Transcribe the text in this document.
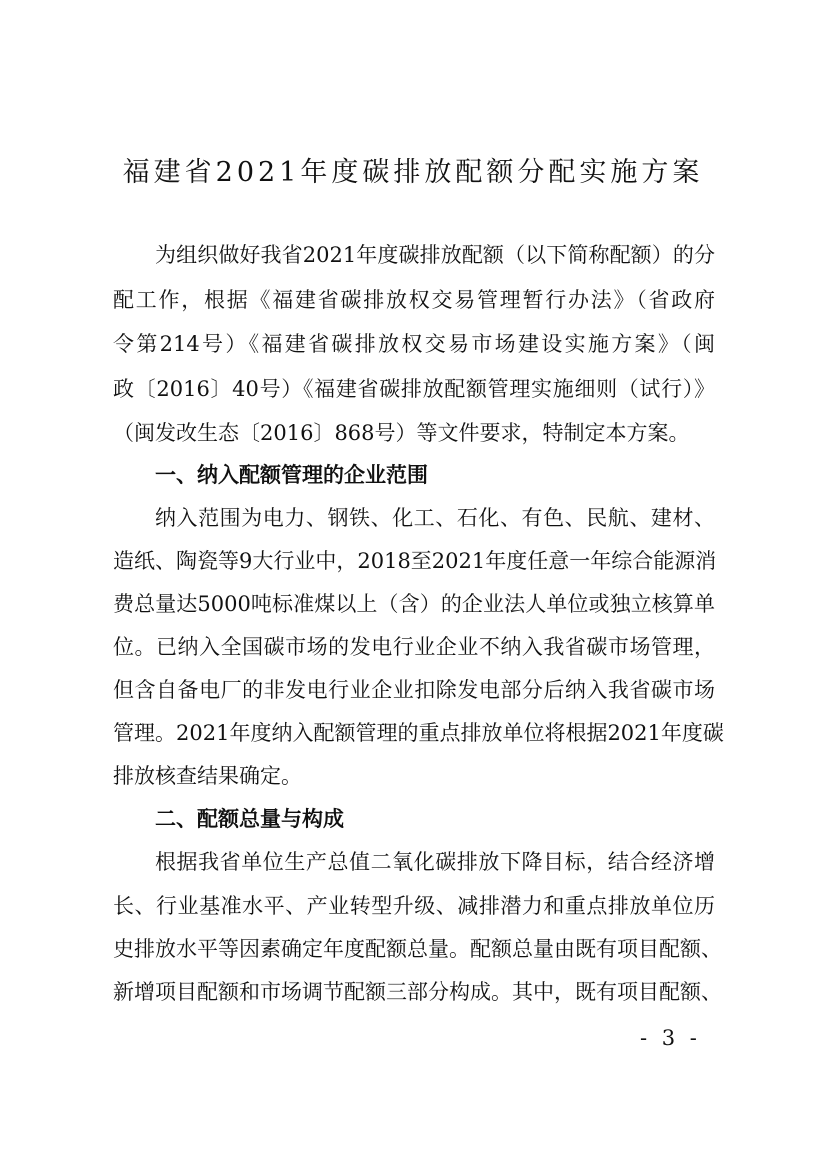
福建省2021年度碳排放配额分配实施方案
为组织做好我省2021年度碳排放配额（以下简称配额）的分
配工作，根据《福建省碳排放权交易管理暂行办法》（省政府
令第214号）《福建省碳排放权交易市场建设实施方案》（闽
政〔2016〕40号）《福建省碳排放配额管理实施细则（试行）》
（闽发改生态〔2016〕868号）等文件要求，特制定本方案。
一、纳入配额管理的企业范围
纳入范围为电力、钢铁、化工、石化、有色、民航、建材、
造纸、陶瓷等9大行业中，2018至2021年度任意一年综合能源消
费总量达5000吨标准煤以上（含）的企业法人单位或独立核算单
位。已纳入全国碳市场的发电行业企业不纳入我省碳市场管理，
但含自备电厂的非发电行业企业扣除发电部分后纳入我省碳市场
管理。2021年度纳入配额管理的重点排放单位将根据2021年度碳
排放核查结果确定。
二、配额总量与构成
根据我省单位生产总值二氧化碳排放下降目标，结合经济增
长、行业基准水平、产业转型升级、减排潜力和重点排放单位历
史排放水平等因素确定年度配额总量。配额总量由既有项目配额、
新增项目配额和市场调节配额三部分构成。其中，既有项目配额、
- 3 -
